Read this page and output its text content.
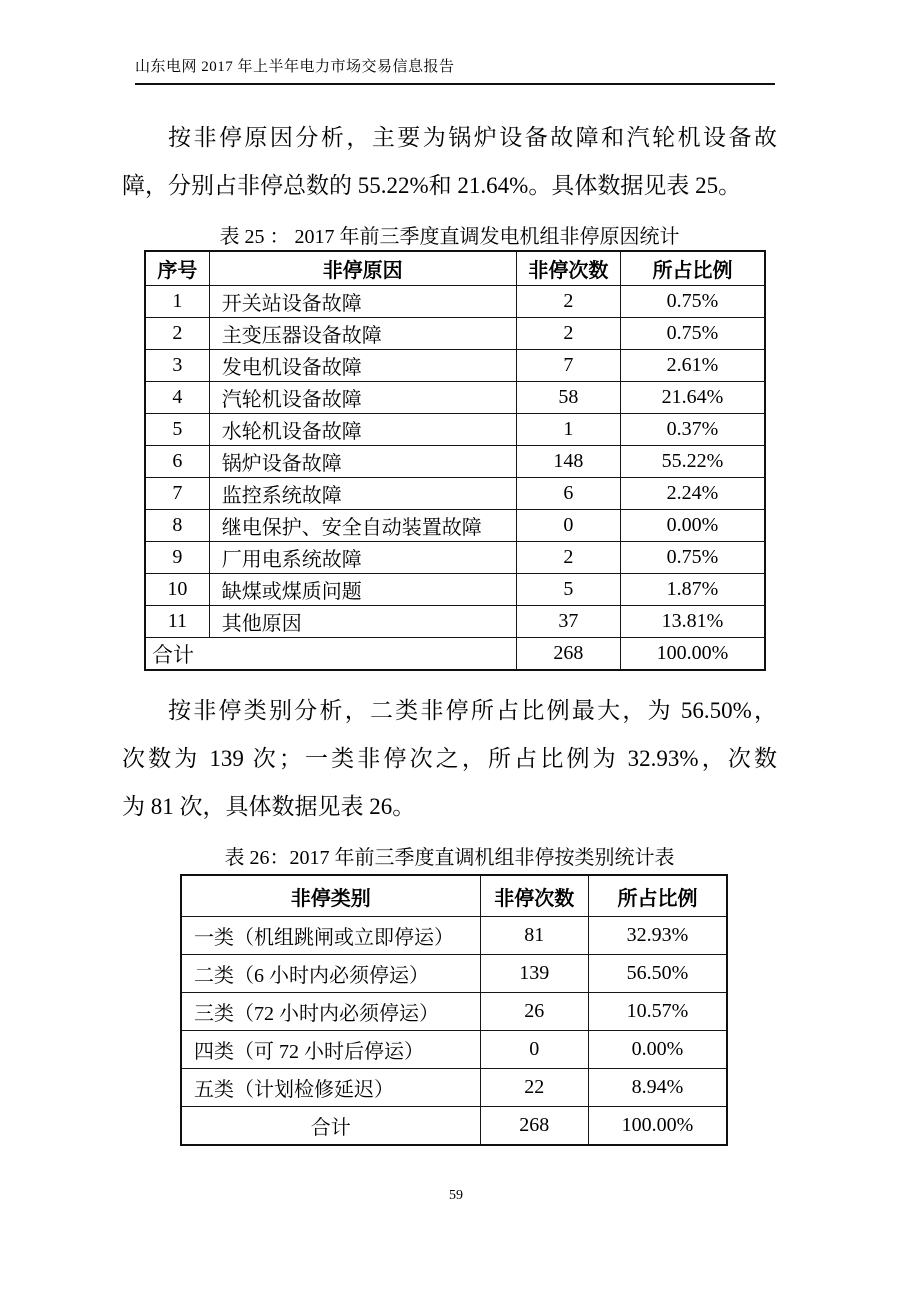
山东电网 2017 年上半年电力市场交易信息报告
按非停原因分析，主要为锅炉设备故障和汽轮机设备故
障，分别占非停总数的 55.22%和 21.64%。具体数据见表 25。
表 25 ： 2017 年前三季度直调发电机组非停原因统计
序号	非停原因	非停次数	所占比例
1	开关站设备故障	2	0.75%
2	主变压器设备故障	2	0.75%
3	发电机设备故障	7	2.61%
4	汽轮机设备故障	58	21.64%
5	水轮机设备故障	1	0.37%
6	锅炉设备故障	148	55.22%
7	监控系统故障	6	2.24%
8	继电保护、安全自动装置故障	0	0.00%
9	厂用电系统故障	2	0.75%
10	缺煤或煤质问题	5	1.87%
11	其他原因	37	13.81%
合计		268	100.00%
按非停类别分析，二类非停所占比例最大，为 56.50%，
次数为 139 次；一类非停次之，所占比例为 32.93%，次数
为 81 次，具体数据见表 26。
表 26：2017 年前三季度直调机组非停按类别统计表
非停类别	非停次数	所占比例
一类（机组跳闸或立即停运）	81	32.93%
二类（6 小时内必须停运）	139	56.50%
三类（72 小时内必须停运）	26	10.57%
四类（可 72 小时后停运）	0	0.00%
五类（计划检修延迟）	22	8.94%
合计	268	100.00%
59
